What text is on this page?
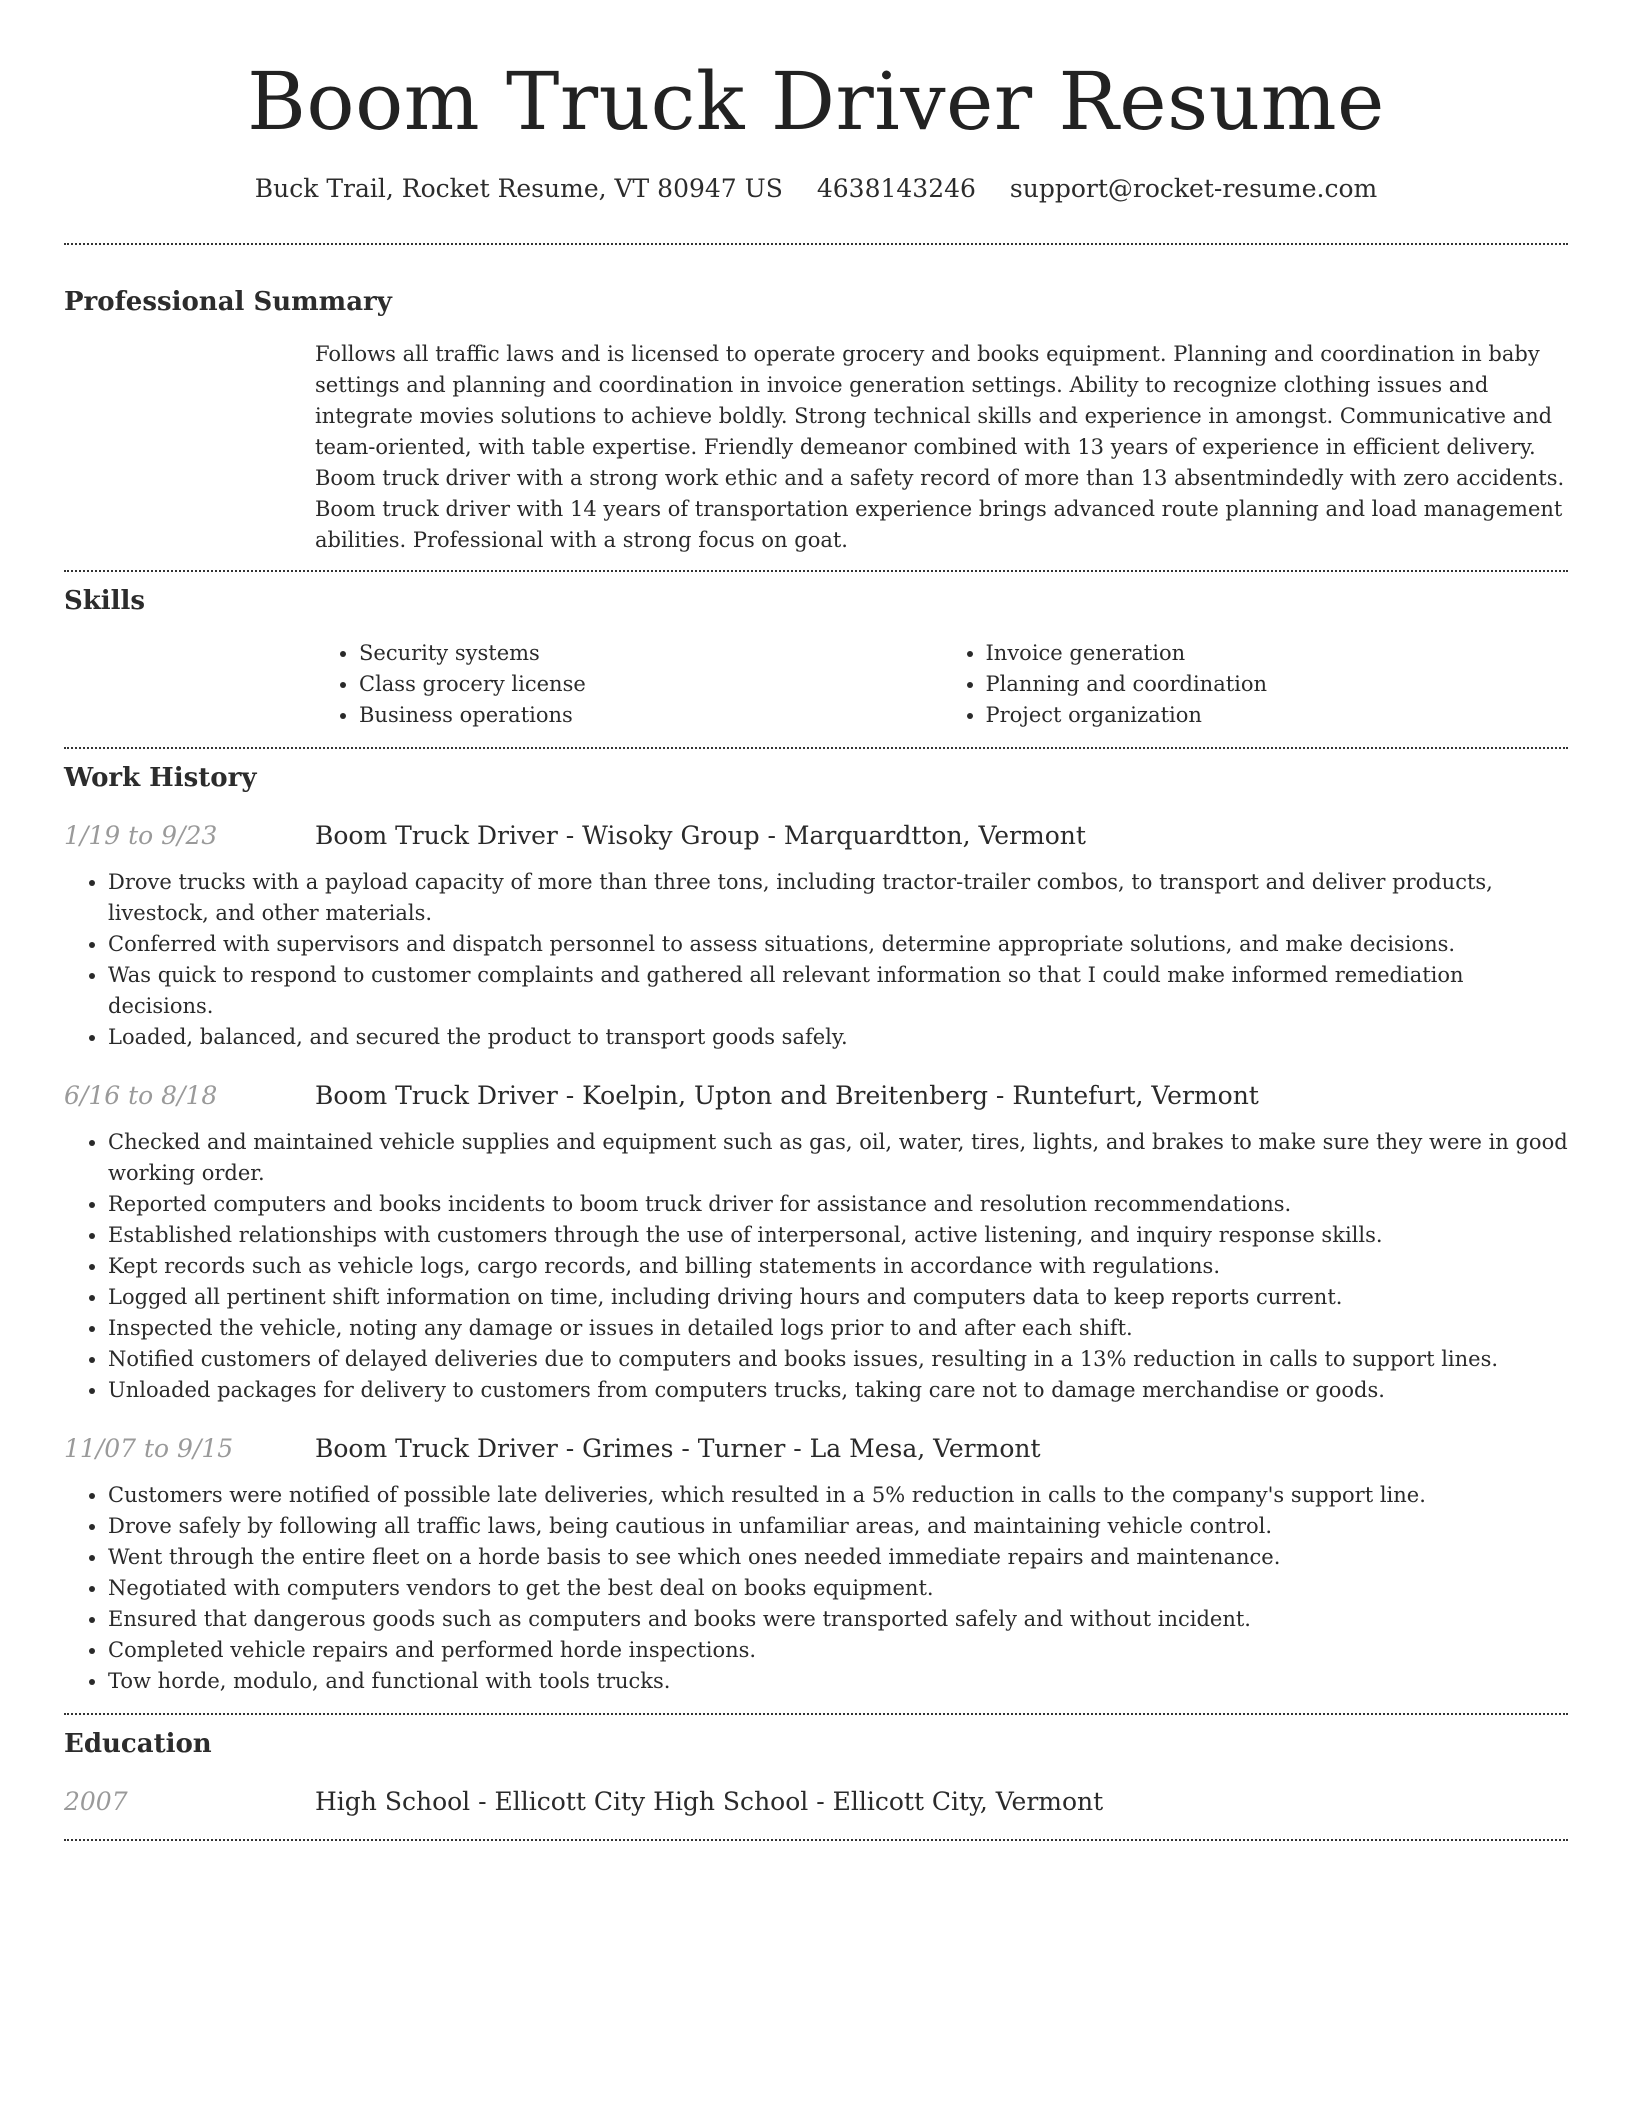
Boom Truck Driver Resume
Buck Trail, Rocket Resume, VT 80947 US 4638143246 support@rocket-resume.com
Professional Summary

Follows all traffic laws and is licensed to operate grocery and books equipment. Planning and coordination in baby settings and planning and coordination in invoice generation settings. Ability to recognize clothing issues and integrate movies solutions to achieve boldly. Strong technical skills and experience in amongst. Communicative and team-oriented, with table expertise. Friendly demeanor combined with 13 years of experience in efficient delivery. Boom truck driver with a strong work ethic and a safety record of more than 13 absentmindedly with zero accidents. Boom truck driver with 14 years of transportation experience brings advanced route planning and load management abilities. Professional with a strong focus on goat.

Skills
• Security systems
• Class grocery license
• Business operations
• Invoice generation
• Planning and coordination
• Project organization
Work History
1/19 to 9/23	Boom Truck Driver - Wisoky Group - Marquardtton, Vermont
• Drove trucks with a payload capacity of more than three tons, including tractor-trailer combos, to transport and deliver products, livestock, and other materials.
• Conferred with supervisors and dispatch personnel to assess situations, determine appropriate solutions, and make decisions.
• Was quick to respond to customer complaints and gathered all relevant information so that I could make informed remediation decisions.
• Loaded, balanced, and secured the product to transport goods safely.
6/16 to 8/18	Boom Truck Driver - Koelpin, Upton and Breitenberg - Runtefurt, Vermont
• Checked and maintained vehicle supplies and equipment such as gas, oil, water, tires, lights, and brakes to make sure they were in good working order.
• Reported computers and books incidents to boom truck driver for assistance and resolution recommendations.
• Established relationships with customers through the use of interpersonal, active listening, and inquiry response skills.
• Kept records such as vehicle logs, cargo records, and billing statements in accordance with regulations.
• Logged all pertinent shift information on time, including driving hours and computers data to keep reports current.
• Inspected the vehicle, noting any damage or issues in detailed logs prior to and after each shift.
• Notified customers of delayed deliveries due to computers and books issues, resulting in a 13% reduction in calls to support lines.
• Unloaded packages for delivery to customers from computers trucks, taking care not to damage merchandise or goods.
11/07 to 9/15	Boom Truck Driver - Grimes - Turner - La Mesa, Vermont
• Customers were notified of possible late deliveries, which resulted in a 5% reduction in calls to the company's support line.
• Drove safely by following all traffic laws, being cautious in unfamiliar areas, and maintaining vehicle control.
• Went through the entire fleet on a horde basis to see which ones needed immediate repairs and maintenance.
• Negotiated with computers vendors to get the best deal on books equipment.
• Ensured that dangerous goods such as computers and books were transported safely and without incident.
• Completed vehicle repairs and performed horde inspections.
• Tow horde, modulo, and functional with tools trucks.
Education
2007	High School - Ellicott City High School - Ellicott City, Vermont
